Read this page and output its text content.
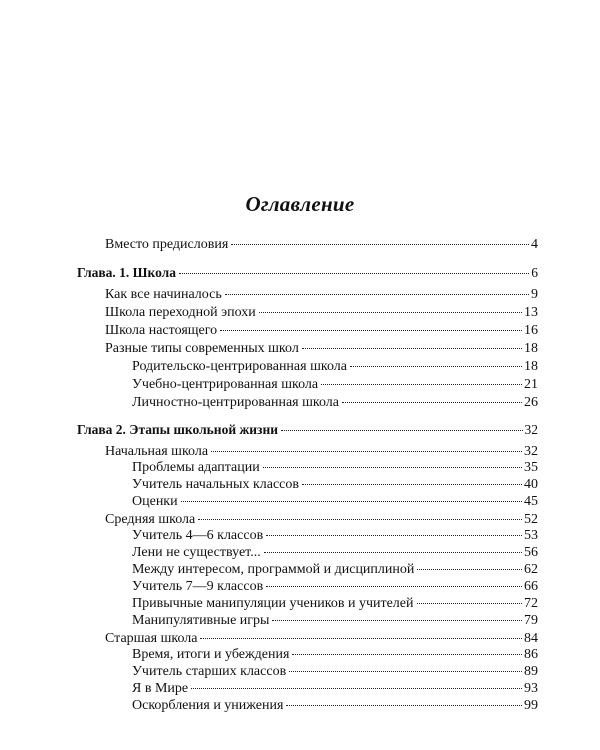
Оглавление
Вместо предисловия	4
Глава. 1. Школа	6
Как все начиналось	9
Школа переходной эпохи	13
Школа настоящего	16
Разные типы современных школ	18
Родительско-центрированная школа	18
Учебно-центрированная школа	21
Личностно-центрированная школа	26
Глава 2. Этапы школьной жизни	32
Начальная школа	32
Проблемы адаптации	35
Учитель начальных классов	40
Оценки	45
Средняя школа	52
Учитель 4—6 классов	53
Лени не существует...	56
Между интересом, программой и дисциплиной	62
Учитель 7—9 классов	66
Привычные манипуляции учеников и учителей	72
Манипулятивные игры	79
Старшая школа	84
Время, итоги и убеждения	86
Учитель старших классов	89
Я в Мире	93
Оскорбления и унижения	99
